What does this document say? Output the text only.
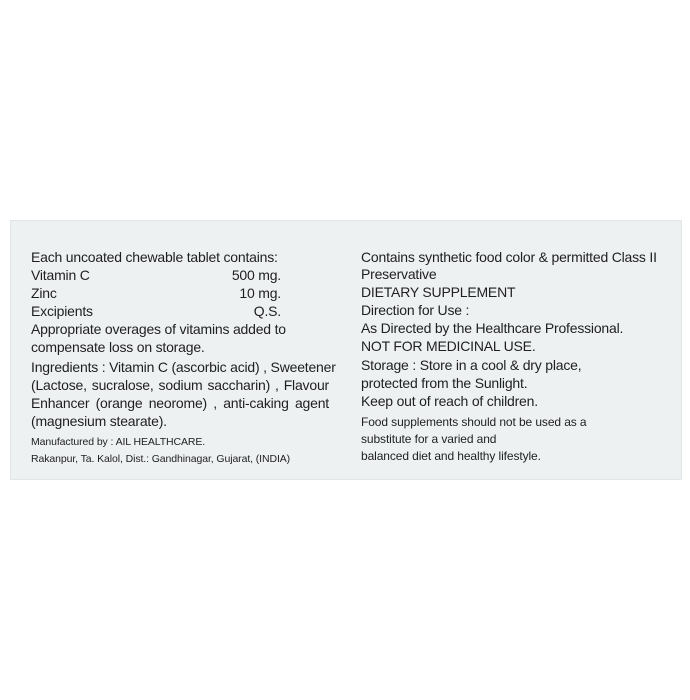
Each uncoated chewable tablet contains:
Vitamin C	500 mg.
Zinc	10 mg.
Excipients	Q.S.
Appropriate overages of vitamins added to
compensate loss on storage.
Ingredients : Vitamin C (ascorbic acid) , Sweetener
(Lactose, sucralose, sodium saccharin) , Flavour
Enhancer (orange neorome) , anti-caking agent
(magnesium stearate).
Manufactured by : AIL HEALTHCARE.
Rakanpur, Ta. Kalol, Dist.: Gandhinagar, Gujarat, (INDIA)
Contains synthetic food color & permitted Class II
Preservative
DIETARY SUPPLEMENT
Direction for Use :
As Directed by the Healthcare Professional.
NOT FOR MEDICINAL USE.
Storage : Store in a cool & dry place,
protected from the Sunlight.
Keep out of reach of children.
Food supplements should not be used as a
substitute for a varied and
balanced diet and healthy lifestyle.
